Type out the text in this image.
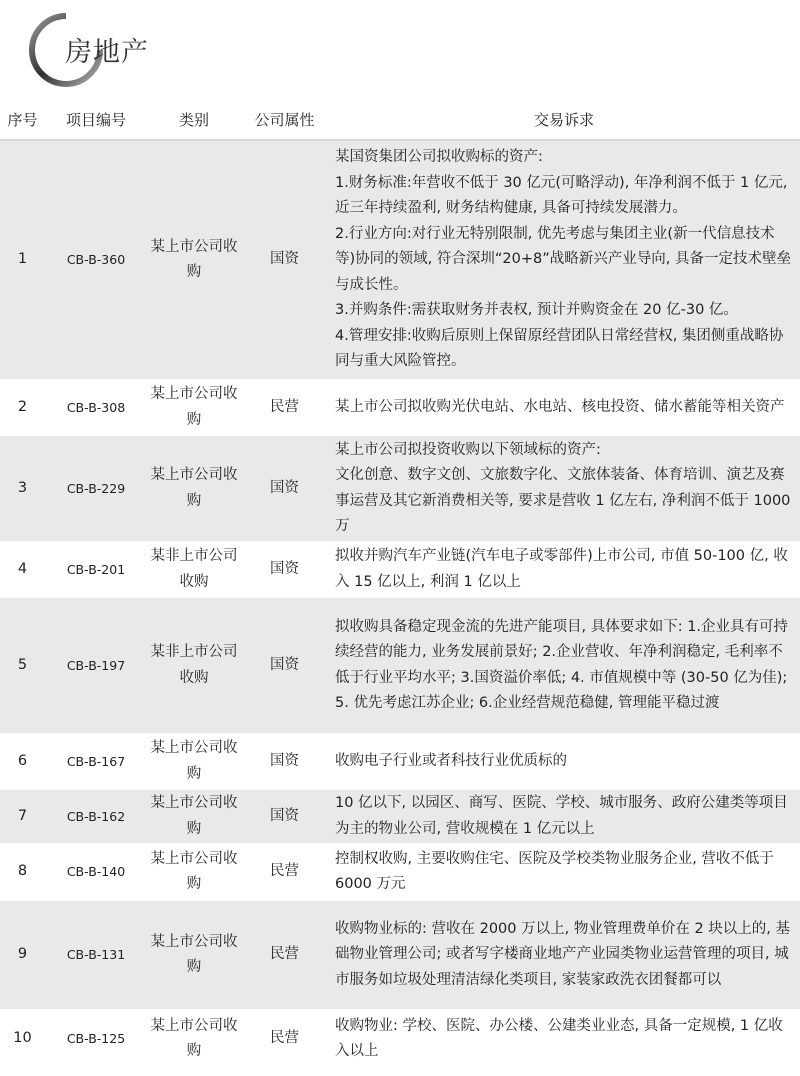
房地产
序号	项目编号	类别	公司属性	交易诉求
1	CB-B-360	某上市公司收购	国资	某国资集团公司拟收购标的资产:
1.财务标准:年营收不低于 30 亿元(可略浮动), 年净利润不低于 1 亿元, 近三年持续盈利, 财务结构健康, 具备可持续发展潜力。
2.行业方向:对行业无特别限制, 优先考虑与集团主业(新一代信息技术等)协同的领域, 符合深圳“20+8”战略新兴产业导向, 具备一定技术壁垒与成长性。
3.并购条件:需获取财务并表权, 预计并购资金在 20 亿-30 亿。
4.管理安排:收购后原则上保留原经营团队日常经营权, 集团侧重战略协同与重大风险管控。

2	CB-B-308	某上市公司收购	民营	某上市公司拟收购光伏电站、水电站、核电投资、储水蓄能等相关资产

3	CB-B-229	某上市公司收购	国资	某上市公司拟投资收购以下领域标的资产:
文化创意、数字文创、文旅数字化、文旅体装备、体育培训、演艺及赛事运营及其它新消费相关等, 要求是营收 1 亿左右, 净利润不低于 1000 万

4	CB-B-201	某非上市公司收购	国资	拟收并购汽车产业链(汽车电子或零部件)上市公司, 市值 50-100 亿, 收入 15 亿以上, 利润 1 亿以上

5	CB-B-197	某非上市公司收购	国资	拟收购具备稳定现金流的先进产能项目, 具体要求如下: 1.企业具有可持续经营的能力, 业务发展前景好; 2.企业营收、年净利润稳定, 毛利率不低于行业平均水平; 3.国资溢价率低; 4. 市值规模中等 (30-50 亿为佳); 5. 优先考虑江苏企业; 6.企业经营规范稳健, 管理能平稳过渡

6	CB-B-167	某上市公司收购	国资	收购电子行业或者科技行业优质标的

7	CB-B-162	某上市公司收购	国资	10 亿以下, 以园区、商写、医院、学校、城市服务、政府公建类等项目为主的物业公司, 营收规模在 1 亿元以上

8	CB-B-140	某上市公司收购	民营	控制权收购, 主要收购住宅、医院及学校类物业服务企业, 营收不低于 6000 万元

9	CB-B-131	某上市公司收购	民营	收购物业标的: 营收在 2000 万以上, 物业管理费单价在 2 块以上的, 基础物业管理公司; 或者写字楼商业地产产业园类物业运营管理的项目, 城市服务如垃圾处理清洁绿化类项目, 家装家政洗衣团餐都可以

10	CB-B-125	某上市公司收购	民营	收购物业: 学校、医院、办公楼、公建类业业态, 具备一定规模, 1 亿收入以上
